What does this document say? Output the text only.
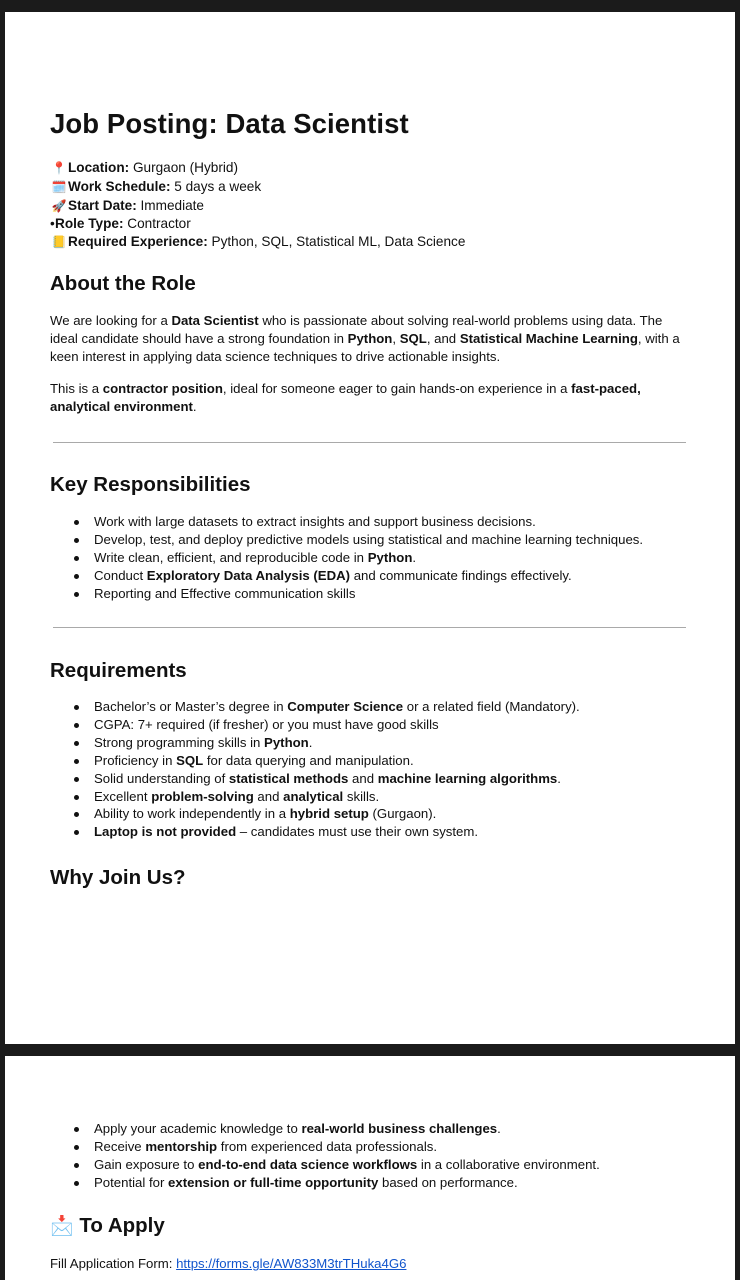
Job Posting: Data Scientist
📍 Location: Gurgaon (Hybrid)
🗓️ Work Schedule: 5 days a week
🚀 Start Date: Immediate
•Role Type: Contractor
📒 Required Experience: Python, SQL, Statistical ML, Data Science
About the Role

We are looking for a Data Scientist who is passionate about solving real-world problems using data. The ideal candidate should have a strong foundation in Python, SQL, and Statistical Machine Learning, with a keen interest in applying data science techniques to drive actionable insights.

This is a contractor position, ideal for someone eager to gain hands-on experience in a fast-paced, analytical environment.

Key Responsibilities
Work with large datasets to extract insights and support business decisions.
Develop, test, and deploy predictive models using statistical and machine learning techniques.
Write clean, efficient, and reproducible code in Python.
Conduct Exploratory Data Analysis (EDA) and communicate findings effectively.
Reporting and Effective communication skills
Requirements
Bachelor’s or Master’s degree in Computer Science or a related field (Mandatory).
CGPA: 7+ required (if fresher) or you must have good skills
Strong programming skills in Python.
Proficiency in SQL for data querying and manipulation.
Solid understanding of statistical methods and machine learning algorithms.
Excellent problem-solving and analytical skills.
Ability to work independently in a hybrid setup (Gurgaon).
Laptop is not provided – candidates must use their own system.
Why Join Us?
Apply your academic knowledge to real-world business challenges.
Receive mentorship from experienced data professionals.
Gain exposure to end-to-end data science workflows in a collaborative environment.
Potential for extension or full-time opportunity based on performance.
📩 To Apply
Fill Application Form: https://forms.gle/AW833M3trTHuka4G6
